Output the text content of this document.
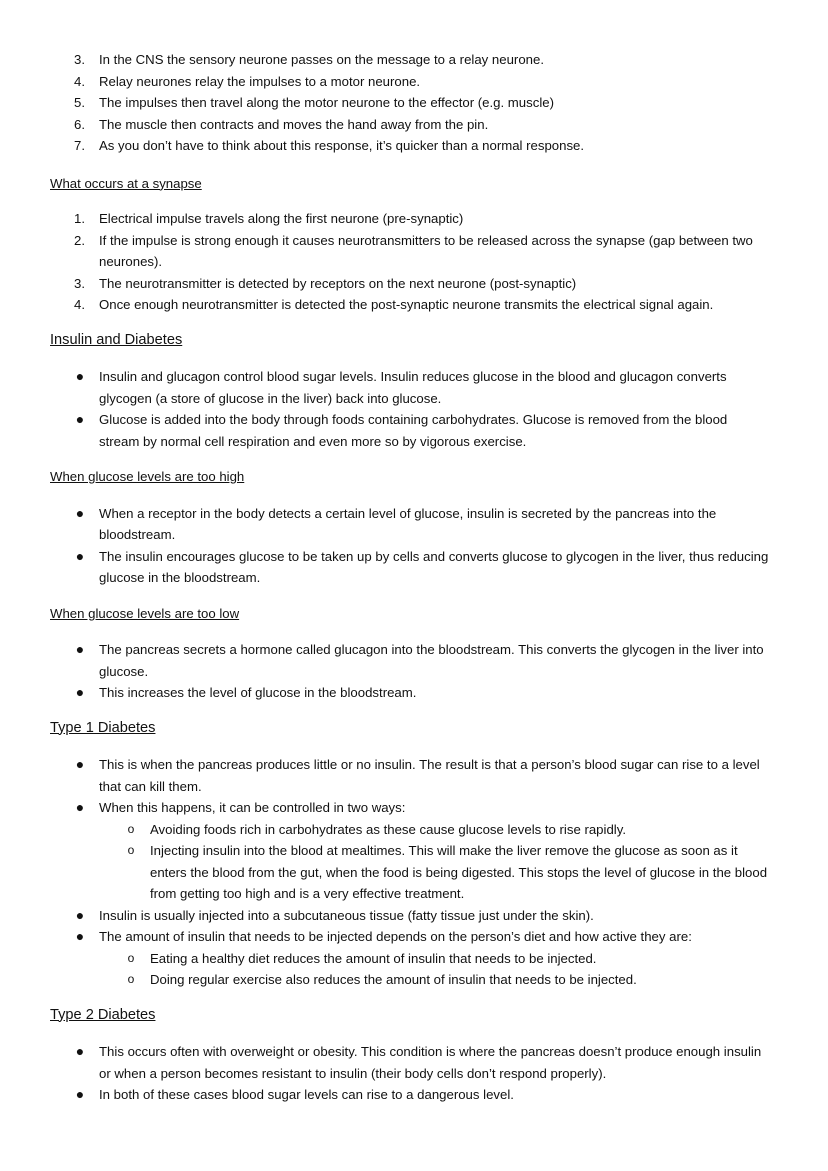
3.	In the CNS the sensory neurone passes on the message to a relay neurone.
4.	Relay neurones relay the impulses to a motor neurone.
5.	The impulses then travel along the motor neurone to the effector (e.g. muscle)
6.	The muscle then contracts and moves the hand away from the pin.
7.	As you don’t have to think about this response, it’s quicker than a normal response.
What occurs at a synapse
1.	Electrical impulse travels along the first neurone (pre-synaptic)
2.	If the impulse is strong enough it causes neurotransmitters to be released across the synapse (gap between two neurones).
3.	The neurotransmitter is detected by receptors on the next neurone (post-synaptic)
4.	Once enough neurotransmitter is detected the post-synaptic neurone transmits the electrical signal again.
Insulin and Diabetes
● Insulin and glucagon control blood sugar levels. Insulin reduces glucose in the blood and glucagon converts glycogen (a store of glucose in the liver) back into glucose.
● Glucose is added into the body through foods containing carbohydrates. Glucose is removed from the blood stream by normal cell respiration and even more so by vigorous exercise.
When glucose levels are too high
● When a receptor in the body detects a certain level of glucose, insulin is secreted by the pancreas into the bloodstream.
● The insulin encourages glucose to be taken up by cells and converts glucose to glycogen in the liver, thus reducing glucose in the bloodstream.
When glucose levels are too low
● The pancreas secrets a hormone called glucagon into the bloodstream. This converts the glycogen in the liver into glucose.
● This increases the level of glucose in the bloodstream.
Type 1 Diabetes
● This is when the pancreas produces little or no insulin. The result is that a person’s blood sugar can rise to a level that can kill them.
● When this happens, it can be controlled in two ways:
o Avoiding foods rich in carbohydrates as these cause glucose levels to rise rapidly.
o Injecting insulin into the blood at mealtimes. This will make the liver remove the glucose as soon as it enters the blood from the gut, when the food is being digested. This stops the level of glucose in the blood from getting too high and is a very effective treatment.
● Insulin is usually injected into a subcutaneous tissue (fatty tissue just under the skin).
● The amount of insulin that needs to be injected depends on the person’s diet and how active they are:
o Eating a healthy diet reduces the amount of insulin that needs to be injected.
o Doing regular exercise also reduces the amount of insulin that needs to be injected.
Type 2 Diabetes
● This occurs often with overweight or obesity. This condition is where the pancreas doesn’t produce enough insulin or when a person becomes resistant to insulin (their body cells don’t respond properly).
● In both of these cases blood sugar levels can rise to a dangerous level.
